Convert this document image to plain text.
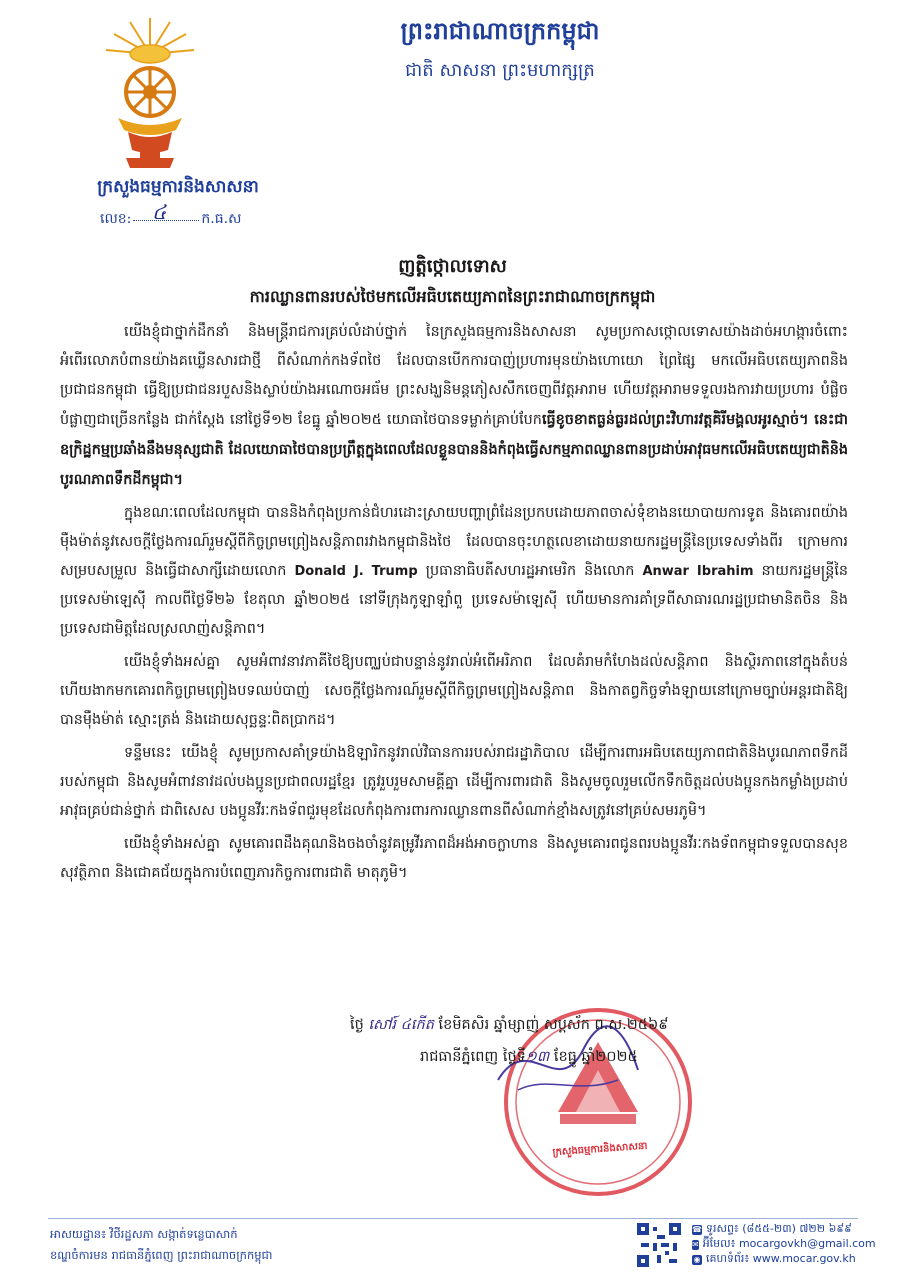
ក្រសួងធម្មការនិងសាសនា
លេខ: ៤	ក.ធ.ស
ព្រះរាជាណាចក្រកម្ពុជា
ជាតិ សាសនា ព្រះមហាក្សត្រ
ញត្តិថ្កោលទោស
ការឈ្លានពានរបស់ថៃមកលើអធិបតេយ្យភាពនៃព្រះរាជាណាចក្រកម្ពុជា

យើងខ្ញុំជាថ្នាក់ដឹកនាំ និងមន្ត្រីរាជការគ្រប់លំដាប់ថ្នាក់ នៃក្រសួងធម្មការនិងសាសនា សូមប្រកាសថ្កោលទោសយ៉ាងដាច់អហង្ការចំពោះអំពើរលោភបំពានយ៉ាងគឃ្លើនសារជាថ្មី ពីសំណាក់កងទ័ពថៃ ដែលបានបើកការបាញ់ប្រហារមុនយ៉ាងហោយោ ព្រៃផ្សៃ មកលើអធិបតេយ្យភាពនិងប្រជាជនកម្ពុជា ធ្វើឱ្យប្រជាជនរបួសនិងស្លាប់យ៉ាងអណោចអធ័ម ព្រះសង្ឃនិមន្តភៀសសឹកចេញពីវត្តអារាម ហើយវត្តអារាមទទួលរងការវាយប្រហារ បំផ្លិចបំផ្លាញជាច្រើនកន្លែង ជាក់ស្តែង នៅថ្ងៃទី១២ ខែធ្នូ ឆ្នាំ២០២៥ យោធាថៃបានទម្លាក់គ្រាប់បែកធ្វើខូចខាតធ្ងន់ធ្ងរដល់ព្រះវិហារវត្តគិរីមង្គលអូរស្មាច់។ នេះជាឧក្រិដ្ឋកម្មប្រឆាំងនឹងមនុស្សជាតិ ដែលយោធាថៃបានប្រព្រឹត្តក្នុងពេលដែលខ្លួនបាននិងកំពុងធ្វើសកម្មភាពឈ្លានពានប្រដាប់អាវុធមកលើអធិបតេយ្យជាតិនិងបូរណភាពទឹកដីកម្ពុជា។

ក្នុងខណៈពេលដែលកម្ពុជា បាននិងកំពុងប្រកាន់ជំហរដោះស្រាយបញ្ហាព្រំដែនប្រកបដោយភាពចាស់ទុំខាងនយោបាយការទូត និងគោរពយ៉ាងម៉ឺងម៉ាត់នូវសេចក្តីថ្លែងការណ៍រួមស្តីពីកិច្ចព្រមព្រៀងសន្តិភាពរវាងកម្ពុជានិងថៃ ដែលបានចុះហត្ថលេខាដោយនាយករដ្ឋមន្ត្រីនៃប្រទេសទាំងពីរ ក្រោមការសម្របសម្រួល និងធ្វើជាសាក្សីដោយលោក Donald J. Trump ប្រធានាធិបតីសហរដ្ឋអាមេរិក និងលោក Anwar Ibrahim នាយករដ្ឋមន្ត្រីនៃប្រទេសម៉ាឡេស៊ី កាលពីថ្ងៃទី២៦ ខែតុលា ឆ្នាំ២០២៥ នៅទីក្រុងកូឡាឡាំពួ ប្រទេសម៉ាឡេស៊ី ហើយមានការគាំទ្រពីសាធារណរដ្ឋប្រជាមានិតចិន និងប្រទេសជាមិត្តដែលស្រលាញ់សន្តិភាព។

យើងខ្ញុំទាំងអស់គ្នា សូមអំពាវនាវភាគីថៃឱ្យបញ្ឈប់ជាបន្ទាន់នូវរាល់អំពើអរិភាព ដែលគំរាមកំហែងដល់សន្តិភាព និងស្ថិរភាពនៅក្នុងតំបន់ ហើយងាកមកគោរពកិច្ចព្រមព្រៀងបទឈប់បាញ់ សេចក្តីថ្លែងការណ៍រួមស្តីពីកិច្ចព្រមព្រៀងសន្តិភាព និងកាតព្វកិច្ចទាំងឡាយនៅក្រោមច្បាប់អន្តរជាតិឱ្យបានម៉ឺងម៉ាត់ ស្មោះត្រង់ និងដោយសុច្ឆន្ទៈពិតប្រាកដ។

ទន្ទឹមនេះ យើងខ្ញុំ សូមប្រកាសគាំទ្រយ៉ាងឱឡារិកនូវរាល់វិធានការរបស់រាជរដ្ឋាភិបាល ដើម្បីការពារអធិបតេយ្យភាពជាតិនិងបូរណភាពទឹកដីរបស់កម្ពុជា និងសូមអំពាវនាវដល់បងប្អូនប្រជាពលរដ្ឋខ្មែរ ត្រូវរួបរួមសាមគ្គីគ្នា ដើម្បីការពារជាតិ និងសូមចូលរួមលើកទឹកចិត្តដល់បងប្អូនកងកម្លាំងប្រដាប់អាវុធគ្រប់ជាន់ថ្នាក់ ជាពិសេស បងប្អូនវីរៈកងទ័ពជួរមុខដែលកំពុងការពារការឈ្លានពានពីសំណាក់ខ្មាំងសត្រូវនៅគ្រប់សមរភូមិ។

យើងខ្ញុំទាំងអស់គ្នា សូមគោរពដឹងគុណនិងចងចាំនូវគម្រូវីរភាពដ៏អង់អាចក្លាហាន និងសូមគោរពជូនពរបងប្អូនវីរៈកងទ័ពកម្ពុជាទទួលបានសុខសុវត្ថិភាព និងជោគជ័យក្នុងការបំពេញភារកិច្ចការពារជាតិ មាតុភូមិ។

ក្រសួងធម្មការនិងសាសនា
ថ្ងៃ សៅរ៍ ៤កើត ខែមិគសិរ ឆ្នាំម្សាញ់ សប្តស័ក ព.ស.២៥៦៩
រាជធានីភ្នំពេញ ថ្ងៃទី១៣ ខែធ្នូ ឆ្នាំ២០២៥
អាសយដ្ឋាន៖ វិថីរដ្ឋសភា សង្កាត់ទន្លេបាសាក់
ខណ្ឌចំការមន រាជធានីភ្នំពេញ ព្រះរាជាណាចក្រកម្ពុជា
☎ ទូរសព្ទ៖ (៨៥៥-២៣) ៧២២ ៦៩៩
✉ អ៊ីមែល៖ mocargovkh@gmail.com
◉ គេហទំព័រ៖ www.mocar.gov.kh
